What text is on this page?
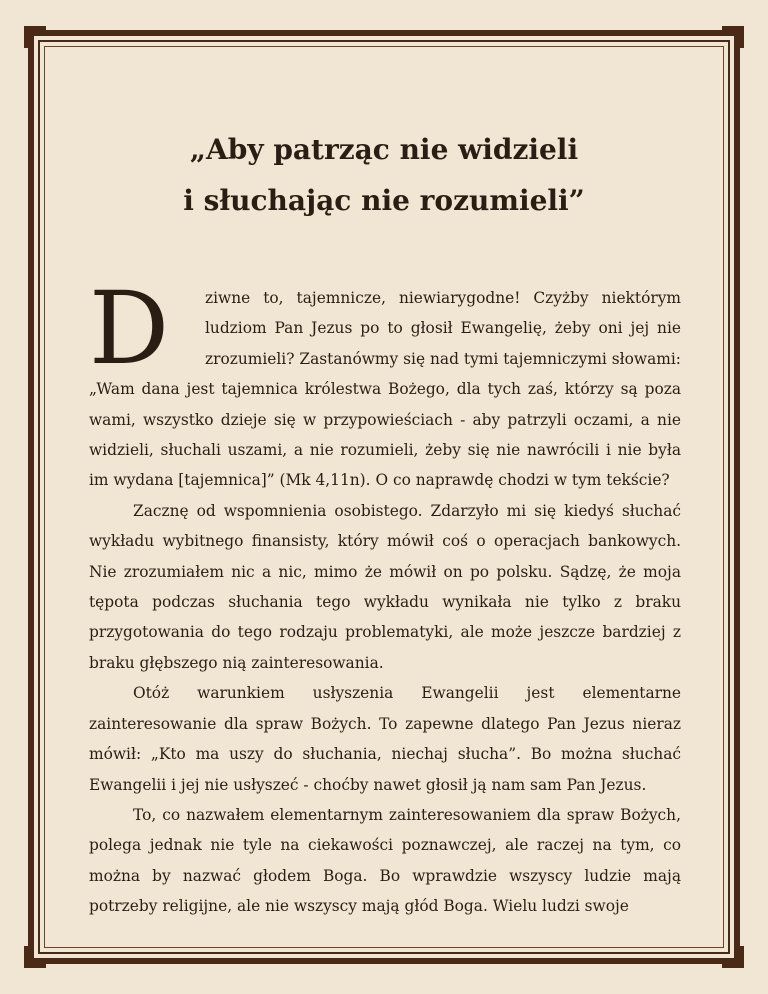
„Aby patrząc nie widzieli
i słuchając nie rozumieli”

D	ziwne to, tajemnicze, niewiarygodne! Czyżby niektórym ludziom Pan Jezus po to głosił Ewangelię, żeby oni jej nie zrozumieli? Zastanówmy się nad tymi tajemniczymi słowami: „Wam dana jest tajemnica królestwa Bożego, dla tych zaś, którzy są poza wami, wszystko dzieje się w przypowieściach - aby patrzyli oczami, a nie widzieli, słuchali uszami, a nie rozumieli, żeby się nie nawrócili i nie była im wydana [tajemnica]” (Mk 4,11n). O co naprawdę chodzi w tym tekście?

Zacznę od wspomnienia osobistego. Zdarzyło mi się kiedyś słuchać wykładu wybitnego finansisty, który mówił coś o operacjach bankowych. Nie zrozumiałem nic a nic, mimo że mówił on po polsku. Sądzę, że moja tępota podczas słuchania tego wykładu wynikała nie tylko z braku przygotowania do tego rodzaju problematyki, ale może jeszcze bardziej z braku głębszego nią zainteresowania.

Otóż warunkiem usłyszenia Ewangelii jest elementarne zainteresowanie dla spraw Bożych. To zapewne dlatego Pan Jezus nieraz mówił: „Kto ma uszy do słuchania, niechaj słucha”. Bo można słuchać Ewangelii i jej nie usłyszeć - choćby nawet głosił ją nam sam Pan Jezus.

To, co nazwałem elementarnym zainteresowaniem dla spraw Bożych, polega jednak nie tyle na ciekawości poznawczej, ale raczej na tym, co można by nazwać głodem Boga. Bo wprawdzie wszyscy ludzie mają potrzeby religijne, ale nie wszyscy mają głód Boga. Wielu ludzi swoje
